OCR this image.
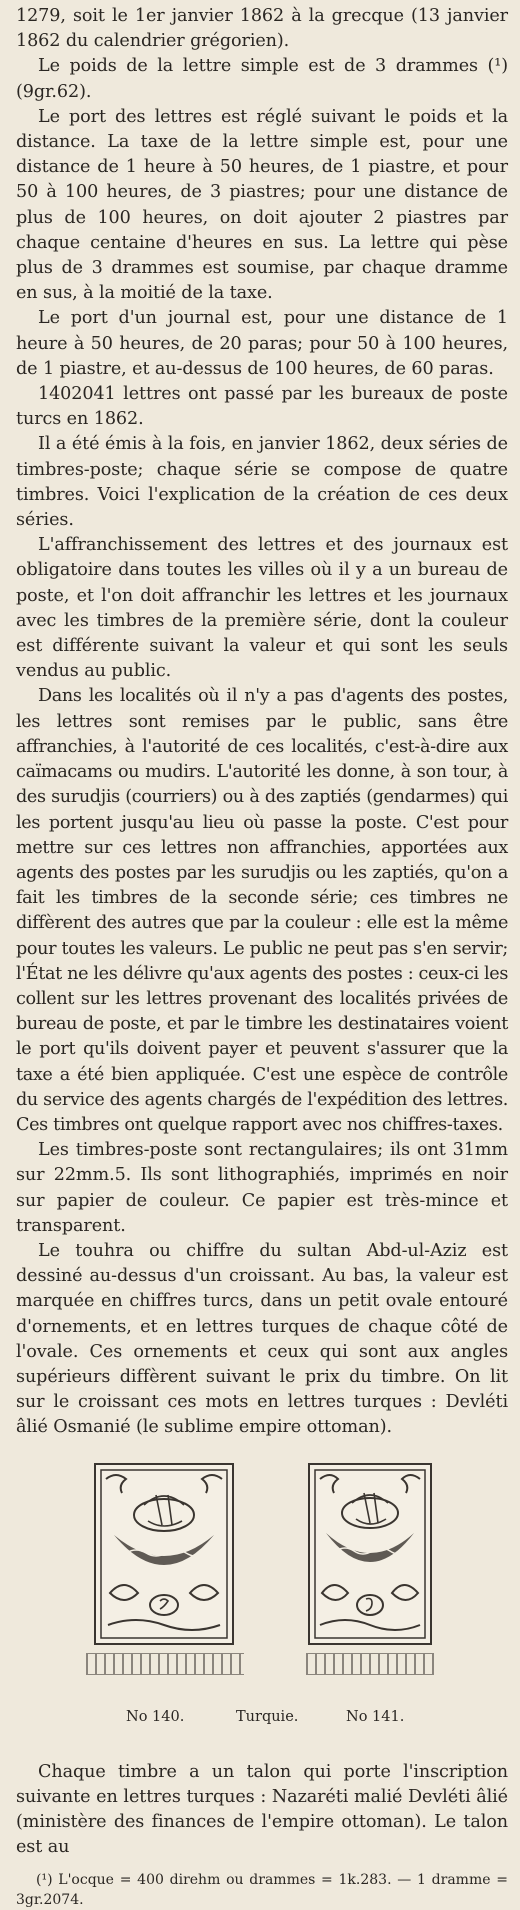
1279, soit le 1er janvier 1862 à la grecque (13 janvier 1862 du calendrier grégorien).

Le poids de la lettre simple est de 3 drammes (¹) (9gr.62).

Le port des lettres est réglé suivant le poids et la distance. La taxe de la lettre simple est, pour une distance de 1 heure à 50 heures, de 1 piastre, et pour 50 à 100 heures, de 3 piastres; pour une distance de plus de 100 heures, on doit ajouter 2 piastres par chaque centaine d'heures en sus. La lettre qui pèse plus de 3 drammes est soumise, par chaque dramme en sus, à la moitié de la taxe.

Le port d'un journal est, pour une distance de 1 heure à 50 heures, de 20 paras; pour 50 à 100 heures, de 1 piastre, et au-dessus de 100 heures, de 60 paras.

1402041 lettres ont passé par les bureaux de poste turcs en 1862.

Il a été émis à la fois, en janvier 1862, deux séries de timbres-poste; chaque série se compose de quatre timbres. Voici l'explication de la création de ces deux séries.

L'affranchissement des lettres et des journaux est obligatoire dans toutes les villes où il y a un bureau de poste, et l'on doit affranchir les lettres et les journaux avec les timbres de la première série, dont la couleur est différente suivant la valeur et qui sont les seuls vendus au public.

Dans les localités où il n'y a pas d'agents des postes, les lettres sont remises par le public, sans être affranchies, à l'autorité de ces localités, c'est-à-dire aux caïmacams ou mudirs. L'autorité les donne, à son tour, à des surudjis (courriers) ou à des zaptiés (gendarmes) qui les portent jusqu'au lieu où passe la poste. C'est pour mettre sur ces lettres non affranchies, apportées aux agents des postes par les surudjis ou les zaptiés, qu'on a fait les timbres de la seconde série; ces timbres ne diffèrent des autres que par la couleur : elle est la même pour toutes les valeurs. Le public ne peut pas s'en servir; l'État ne les délivre qu'aux agents des postes : ceux-ci les collent sur les lettres provenant des localités privées de bureau de poste, et par le timbre les destinataires voient le port qu'ils doivent payer et peuvent s'assurer que la taxe a été bien appliquée. C'est une espèce de contrôle du service des agents chargés de l'expédition des lettres. Ces timbres ont quelque rapport avec nos chiffres-taxes.

Les timbres-poste sont rectangulaires; ils ont 31mm sur 22mm.5. Ils sont lithographiés, imprimés en noir sur papier de couleur. Ce papier est très-mince et transparent.

Le touhra ou chiffre du sultan Abd-ul-Aziz est dessiné au-dessus d'un croissant. Au bas, la valeur est marquée en chiffres turcs, dans un petit ovale entouré d'ornements, et en lettres turques de chaque côté de l'ovale. Ces ornements et ceux qui sont aux angles supérieurs diffèrent suivant le prix du timbre. On lit sur le croissant ces mots en lettres turques : Devléti âlié Osmanié (le sublime empire ottoman).

No 140.	Turquie.	No 141.

Chaque timbre a un talon qui porte l'inscription suivante en lettres turques : Nazaréti malié Devléti âlié (ministère des finances de l'empire ottoman). Le talon est au

(¹) L'ocque = 400 direhm ou drammes = 1k.283. — 1 dramme = 3gr.2074.
